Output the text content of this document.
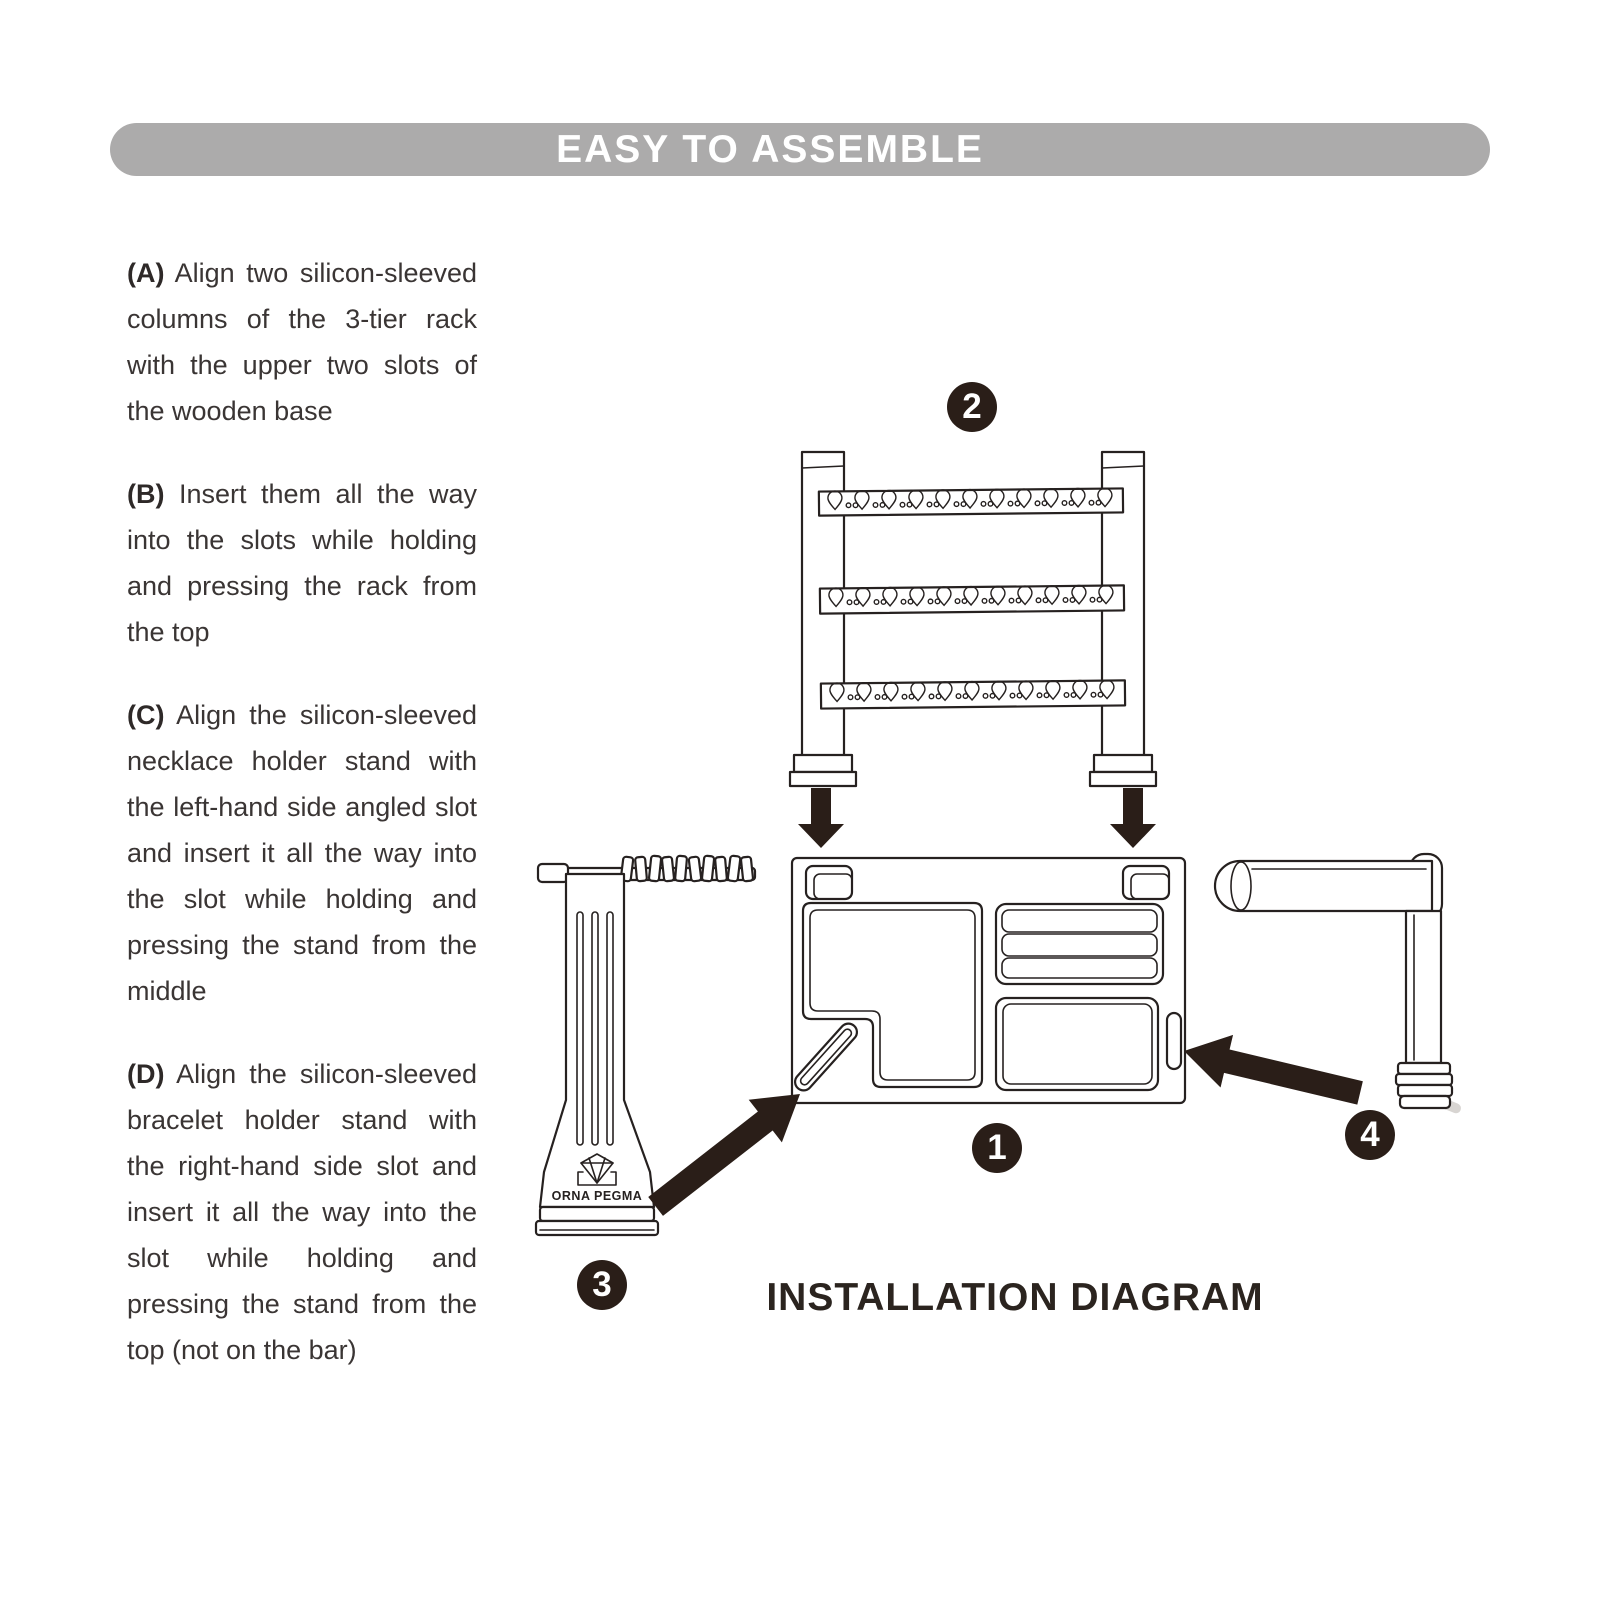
EASY TO ASSEMBLE

(A) Align two silicon-sleeved columns of the 3-tier rack with the upper two slots of the wooden base

(B) Insert them all the way into the slots while holding and pressing the rack from the top

(C) Align the silicon-sleeved necklace holder stand with the left-hand side angled slot and insert it all the way into the slot while holding and pressing the stand from the middle

(D) Align the silicon-sleeved bracelet holder stand with the right-hand side slot and insert it all the way into the slot while holding and pressing the stand from the top (not on the bar)

ORNA PEGMA
1
2
3
4
INSTALLATION DIAGRAM
